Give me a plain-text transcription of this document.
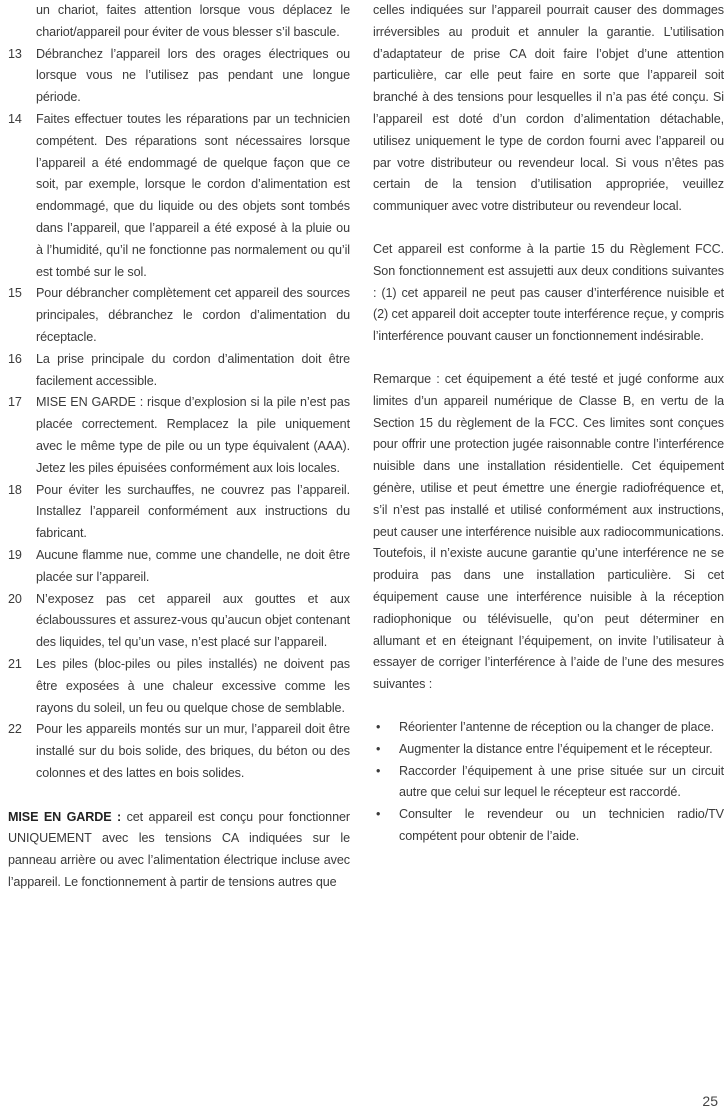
un chariot, faites attention lorsque vous déplacez le chariot/appareil pour éviter de vous blesser s’il bascule.

13	Débranchez l’appareil lors des orages électriques ou lorsque vous ne l’utilisez pas pendant une longue période.
14	Faites effectuer toutes les réparations par un technicien compétent. Des réparations sont nécessaires lorsque l’appareil a été endommagé de quelque façon que ce soit, par exemple, lorsque le cordon d’alimentation est endommagé, que du liquide ou des objets sont tombés dans l’appareil, que l’appareil a été exposé à la pluie ou à l’humidité, qu’il ne fonctionne pas normalement ou qu’il est tombé sur le sol.
15	Pour débrancher complètement cet appareil des sources principales, débranchez le cordon d’alimentation du réceptacle.
16	La prise principale du cordon d’alimentation doit être facilement accessible.
17	MISE EN GARDE : risque d’explosion si la pile n’est pas placée correctement. Remplacez la pile uniquement avec le même type de pile ou un type équivalent (AAA). Jetez les piles épuisées conformément aux lois locales.
18	Pour éviter les surchauffes, ne couvrez pas l’appareil. Installez l’appareil conformément aux instructions du fabricant.
19	Aucune flamme nue, comme une chandelle, ne doit être placée sur l’appareil.
20	N’exposez pas cet appareil aux gouttes et aux éclaboussures et assurez-vous qu’aucun objet contenant des liquides, tel qu’un vase, n’est placé sur l’appareil.
21	Les piles (bloc-piles ou piles installés) ne doivent pas être exposées à une chaleur excessive comme les rayons du soleil, un feu ou quelque chose de semblable.
22	Pour les appareils montés sur un mur, l’appareil doit être installé sur du bois solide, des briques, du béton ou des colonnes et des lattes en bois solides.

MISE EN GARDE : cet appareil est conçu pour fonctionner UNIQUEMENT avec les tensions CA indiquées sur le panneau arrière ou avec l’alimentation électrique incluse avec l’appareil. Le fonctionnement à partir de tensions autres que

celles indiquées sur l’appareil pourrait causer des dommages irréversibles au produit et annuler la garantie. L’utilisation d’adaptateur de prise CA doit faire l’objet d’une attention particulière, car elle peut faire en sorte que l’appareil soit branché à des tensions pour lesquelles il n’a pas été conçu. Si l’appareil est doté d’un cordon d’alimentation détachable, utilisez uniquement le type de cordon fourni avec l’appareil ou par votre distributeur ou revendeur local. Si vous n’êtes pas certain de la tension d’utilisation appropriée, veuillez communiquer avec votre distributeur ou revendeur local.

Cet appareil est conforme à la partie 15 du Règlement FCC. Son fonctionnement est assujetti aux deux conditions suivantes : (1) cet appareil ne peut pas causer d’interférence nuisible et (2) cet appareil doit accepter toute interférence reçue, y compris l’interférence pouvant causer un fonctionnement indésirable.

Remarque : cet équipement a été testé et jugé conforme aux limites d’un appareil numérique de Classe B, en vertu de la Section 15 du règlement de la FCC. Ces limites sont conçues pour offrir une protection jugée raisonnable contre l’interférence nuisible dans une installation résidentielle. Cet équipement génère, utilise et peut émettre une énergie radiofréquence et, s’il n’est pas installé et utilisé conformément aux instructions, peut causer une interférence nuisible aux radiocommunications. Toutefois, il n’existe aucune garantie qu’une interférence ne se produira pas dans une installation particulière. Si cet équipement cause une interférence nuisible à la réception radiophonique ou télévisuelle, qu’on peut déterminer en allumant et en éteignant l’équipement, on invite l’utilisateur à essayer de corriger l’interférence à l’aide de l’une des mesures suivantes :

• Réorienter l’antenne de réception ou la changer de place.
• Augmenter la distance entre l’équipement et le récepteur.
• Raccorder l’équipement à une prise située sur un circuit autre que celui sur lequel le récepteur est raccordé.
• Consulter le revendeur ou un technicien radio/TV compétent pour obtenir de l’aide.
25
